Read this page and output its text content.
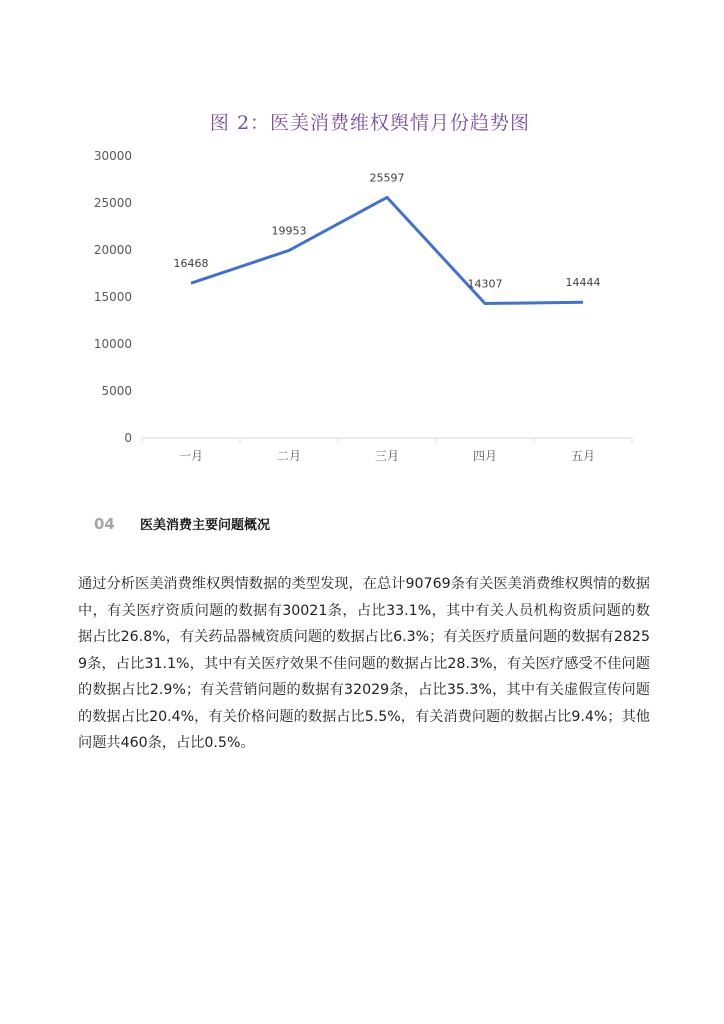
图 2：医美消费维权舆情月份趋势图
0
5000
10000
15000
20000
25000
30000
一月	二月	三月	四月	五月
16468
19953
25597
14307	14444
04	医美消费主要问题概况

通过分析医美消费维权舆情数据的类型发现，在总计90769条有关医美消费维权舆情的数据中，有关医疗资质问题的数据有30021条，占比33.1%，其中有关人员机构资质问题的数据占比26.8%，有关药品器械资质问题的数据占比6.3%；有关医疗质量问题的数据有28259条，占比31.1%，其中有关医疗效果不佳问题的数据占比28.3%，有关医疗感受不佳问题的数据占比2.9%；有关营销问题的数据有32029条，占比35.3%，其中有关虚假宣传问题的数据占比20.4%，有关价格问题的数据占比5.5%，有关消费问题的数据占比9.4%；其他问题共460条，占比0.5%。
